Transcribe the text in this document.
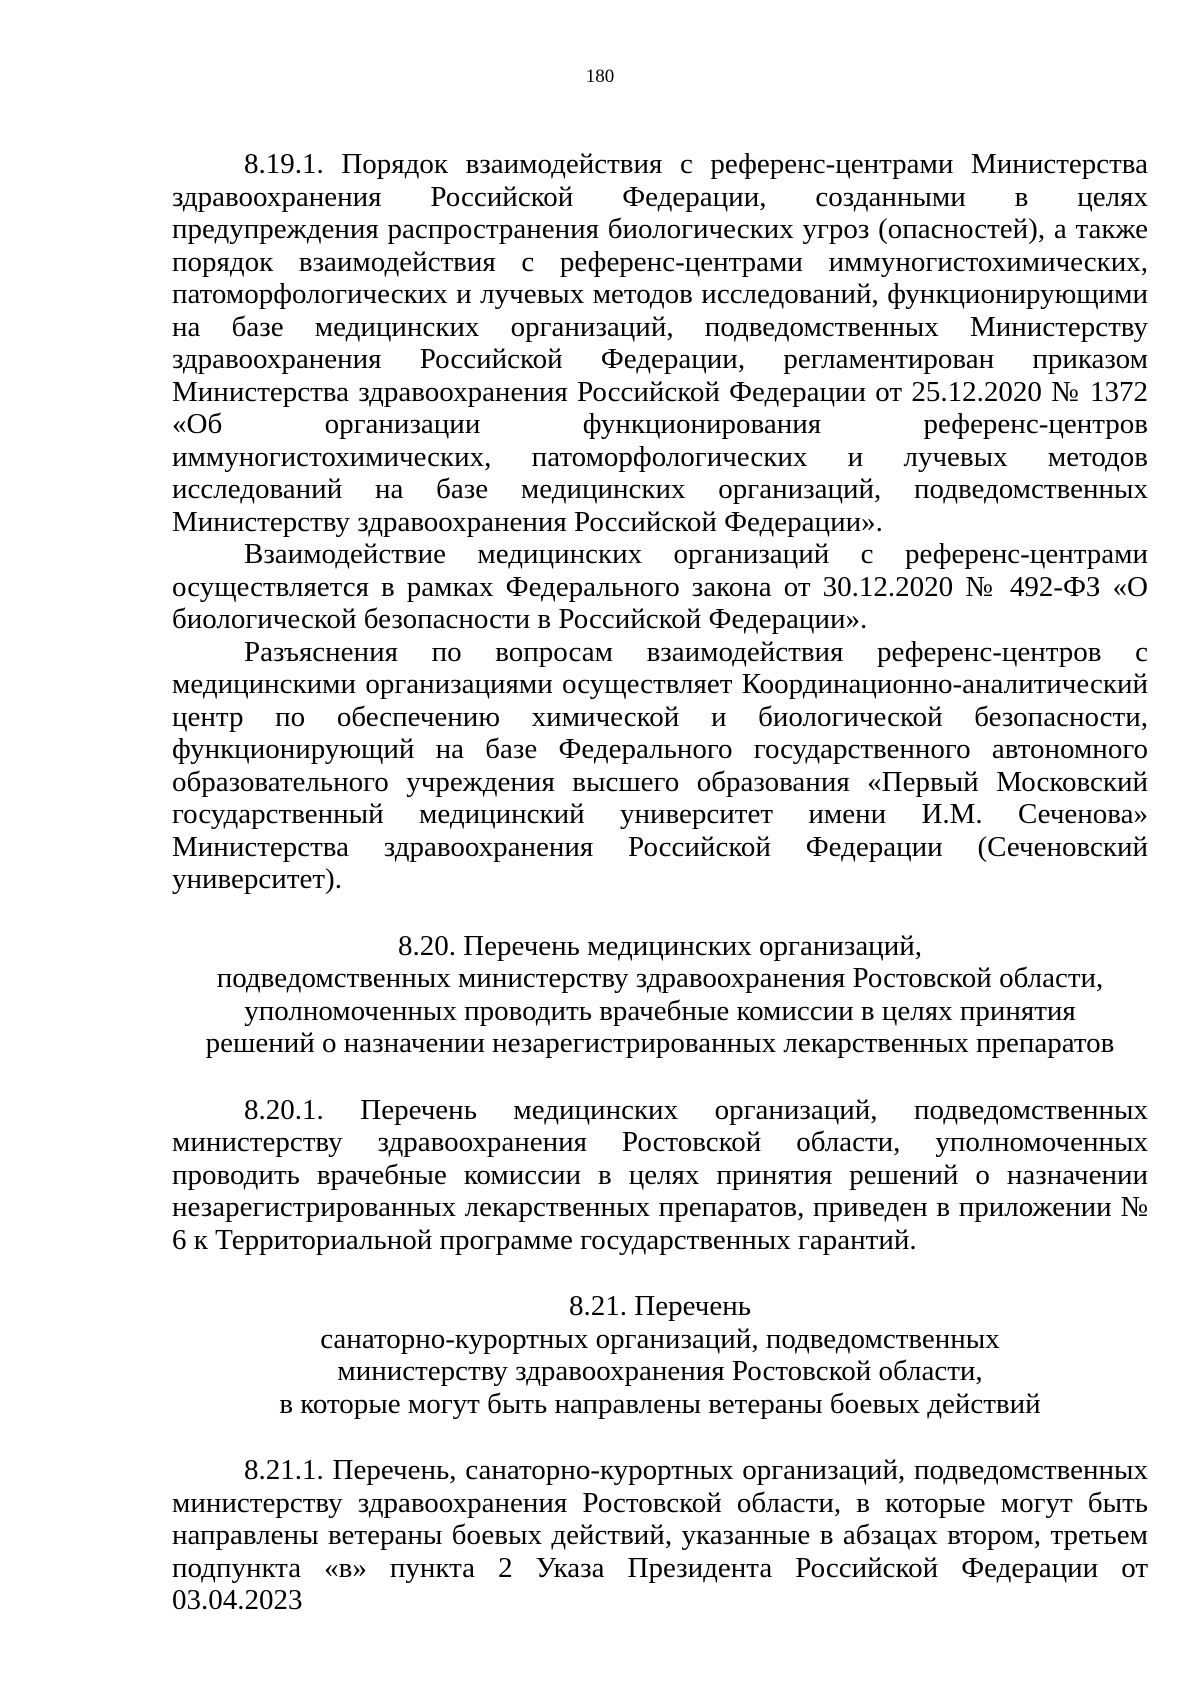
180

8.19.1. Порядок взаимодействия с референс-центрами Министерства здравоохранения Российской Федерации, созданными в целях предупреждения распространения биологических угроз (опасностей), а также порядок взаимодействия с референс-центрами иммуногистохимических, патоморфологических и лучевых методов исследований, функционирующими на базе медицинских организаций, подведомственных Министерству здравоохранения Российской Федерации, регламентирован приказом Министерства здравоохранения Российской Федерации от 25.12.2020 № 1372 «Об организации функционирования референс-центров иммуногистохимических, патоморфологических и лучевых методов исследований на базе медицинских организаций, подведомственных Министерству здравоохранения Российской Федерации».

Взаимодействие медицинских организаций с референс-центрами осуществляется в рамках Федерального закона от 30.12.2020 № 492-ФЗ «О биологической безопасности в Российской Федерации».

Разъяснения по вопросам взаимодействия референс-центров с медицинскими организациями осуществляет Координационно-аналитический центр по обеспечению химической и биологической безопасности, функционирующий на базе Федерального государственного автономного образовательного учреждения высшего образования «Первый Московский государственный медицинский университет имени И.М. Сеченова» Министерства здравоохранения Российской Федерации (Сеченовский университет).

8.20. Перечень медицинских организаций,
подведомственных министерству здравоохранения Ростовской области,
уполномоченных проводить врачебные комиссии в целях принятия
решений о назначении незарегистрированных лекарственных препаратов

8.20.1. Перечень медицинских организаций, подведомственных министерству здравоохранения Ростовской области, уполномоченных проводить врачебные комиссии в целях принятия решений о назначении незарегистрированных лекарственных препаратов, приведен в приложении № 6 к Территориальной программе государственных гарантий.

8.21. Перечень
санаторно-курортных организаций, подведомственных
министерству здравоохранения Ростовской области,
в которые могут быть направлены ветераны боевых действий

8.21.1. Перечень, санаторно-курортных организаций, подведомственных министерству здравоохранения Ростовской области, в которые могут быть направлены ветераны боевых действий, указанные в абзацах втором, третьем подпункта «в» пункта 2 Указа Президента Российской Федерации от 03.04.2023
